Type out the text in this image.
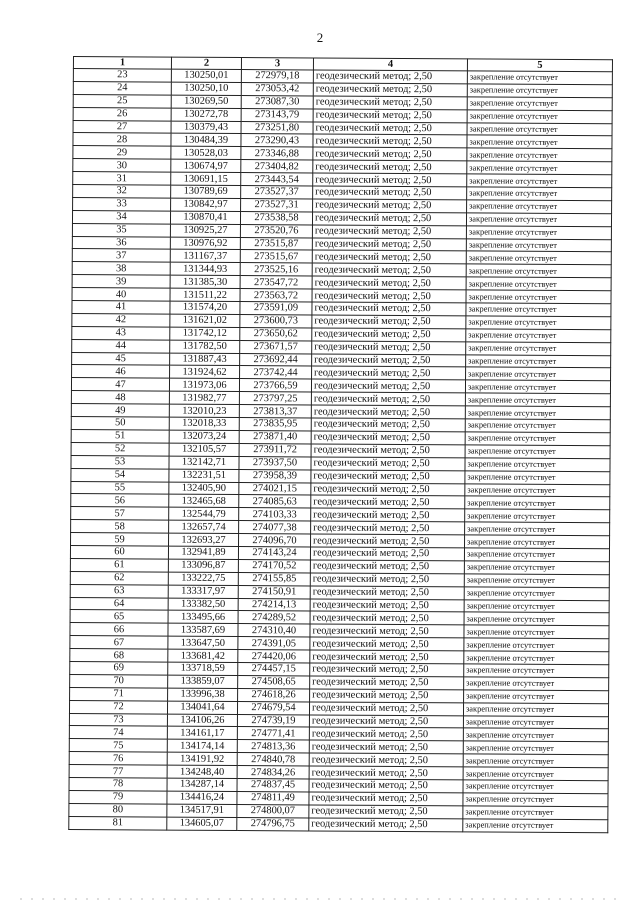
2
1	2	3	4	5
23	130250,01	272979,18	геодезический метод; 2,50	закрепление отсутствует
24	130250,10	273053,42	геодезический метод; 2,50	закрепление отсутствует
25	130269,50	273087,30	геодезический метод; 2,50	закрепление отсутствует
26	130272,78	273143,79	геодезический метод; 2,50	закрепление отсутствует
27	130379,43	273251,80	геодезический метод; 2,50	закрепление отсутствует
28	130484,39	273290,43	геодезический метод; 2,50	закрепление отсутствует
29	130528,03	273346,88	геодезический метод; 2,50	закрепление отсутствует
30	130674,97	273404,82	геодезический метод; 2,50	закрепление отсутствует
31	130691,15	273443,54	геодезический метод; 2,50	закрепление отсутствует
32	130789,69	273527,37	геодезический метод; 2,50	закрепление отсутствует
33	130842,97	273527,31	геодезический метод; 2,50	закрепление отсутствует
34	130870,41	273538,58	геодезический метод; 2,50	закрепление отсутствует
35	130925,27	273520,76	геодезический метод; 2,50	закрепление отсутствует
36	130976,92	273515,87	геодезический метод; 2,50	закрепление отсутствует
37	131167,37	273515,67	геодезический метод; 2,50	закрепление отсутствует
38	131344,93	273525,16	геодезический метод; 2,50	закрепление отсутствует
39	131385,30	273547,72	геодезический метод; 2,50	закрепление отсутствует
40	131511,22	273563,72	геодезический метод; 2,50	закрепление отсутствует
41	131574,20	273591,09	геодезический метод; 2,50	закрепление отсутствует
42	131621,02	273600,73	геодезический метод; 2,50	закрепление отсутствует
43	131742,12	273650,62	геодезический метод; 2,50	закрепление отсутствует
44	131782,50	273671,57	геодезический метод; 2,50	закрепление отсутствует
45	131887,43	273692,44	геодезический метод; 2,50	закрепление отсутствует
46	131924,62	273742,44	геодезический метод; 2,50	закрепление отсутствует
47	131973,06	273766,59	геодезический метод; 2,50	закрепление отсутствует
48	131982,77	273797,25	геодезический метод; 2,50	закрепление отсутствует
49	132010,23	273813,37	геодезический метод; 2,50	закрепление отсутствует
50	132018,33	273835,95	геодезический метод; 2,50	закрепление отсутствует
51	132073,24	273871,40	геодезический метод; 2,50	закрепление отсутствует
52	132105,57	273911,72	геодезический метод; 2,50	закрепление отсутствует
53	132142,71	273937,50	геодезический метод; 2,50	закрепление отсутствует
54	132231,51	273958,39	геодезический метод; 2,50	закрепление отсутствует
55	132405,90	274021,15	геодезический метод; 2,50	закрепление отсутствует
56	132465,68	274085,63	геодезический метод; 2,50	закрепление отсутствует
57	132544,79	274103,33	геодезический метод; 2,50	закрепление отсутствует
58	132657,74	274077,38	геодезический метод; 2,50	закрепление отсутствует
59	132693,27	274096,70	геодезический метод; 2,50	закрепление отсутствует
60	132941,89	274143,24	геодезический метод; 2,50	закрепление отсутствует
61	133096,87	274170,52	геодезический метод; 2,50	закрепление отсутствует
62	133222,75	274155,85	геодезический метод; 2,50	закрепление отсутствует
63	133317,97	274150,91	геодезический метод; 2,50	закрепление отсутствует
64	133382,50	274214,13	геодезический метод; 2,50	закрепление отсутствует
65	133495,66	274289,52	геодезический метод; 2,50	закрепление отсутствует
66	133587,69	274310,40	геодезический метод; 2,50	закрепление отсутствует
67	133647,50	274391,05	геодезический метод; 2,50	закрепление отсутствует
68	133681,42	274420,06	геодезический метод; 2,50	закрепление отсутствует
69	133718,59	274457,15	геодезический метод; 2,50	закрепление отсутствует
70	133859,07	274508,65	геодезический метод; 2,50	закрепление отсутствует
71	133996,38	274618,26	геодезический метод; 2,50	закрепление отсутствует
72	134041,64	274679,54	геодезический метод; 2,50	закрепление отсутствует
73	134106,26	274739,19	геодезический метод; 2,50	закрепление отсутствует
74	134161,17	274771,41	геодезический метод; 2,50	закрепление отсутствует
75	134174,14	274813,36	геодезический метод; 2,50	закрепление отсутствует
76	134191,92	274840,78	геодезический метод; 2,50	закрепление отсутствует
77	134248,40	274834,26	геодезический метод; 2,50	закрепление отсутствует
78	134287,14	274837,45	геодезический метод; 2,50	закрепление отсутствует
79	134416,24	274811,49	геодезический метод; 2,50	закрепление отсутствует
80	134517,91	274800,07	геодезический метод; 2,50	закрепление отсутствует
81	134605,07	274796,75	геодезический метод; 2,50	закрепление отсутствует
